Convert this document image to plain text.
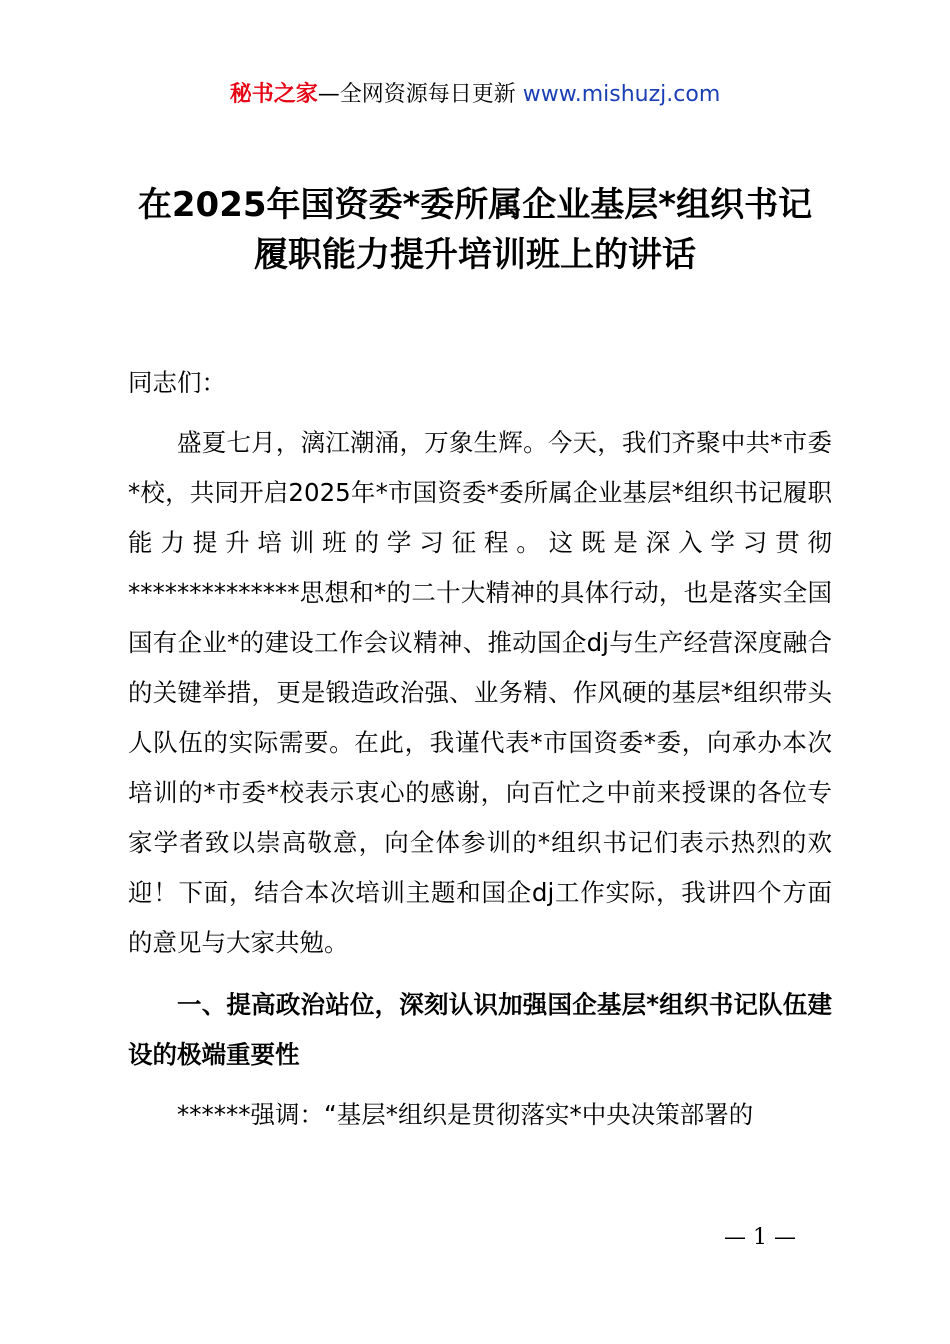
秘书之家—全网资源每日更新 www.mishuzj.com
在2025年国资委*委所属企业基层*组织书记
履职能力提升培训班上的讲话
同志们：
盛夏七月，漓江潮涌，万象生辉。今天，我们齐聚中共*市委*校，共同开启2025年*市国资委*委所属企业基层*组织书记履职能力提升培训班的学习征程。这既是深入学习贯彻**************思想和*的二十大精神的具体行动，也是落实全国国有企业*的建设工作会议精神、推动国企dj与生产经营深度融合的关键举措，更是锻造政治强、业务精、作风硬的基层*组织带头人队伍的实际需要。在此，我谨代表*市国资委*委，向承办本次培训的*市委*校表示衷心的感谢，向百忙之中前来授课的各位专家学者致以崇高敬意，向全体参训的*组织书记们表示热烈的欢迎！下面，结合本次培训主题和国企dj工作实际，我讲四个方面的意见与大家共勉。
一、提高政治站位，深刻认识加强国企基层*组织书记队伍建设的极端重要性
******强调：“基层*组织是贯彻落实*中央决策部署的
— 1 —
